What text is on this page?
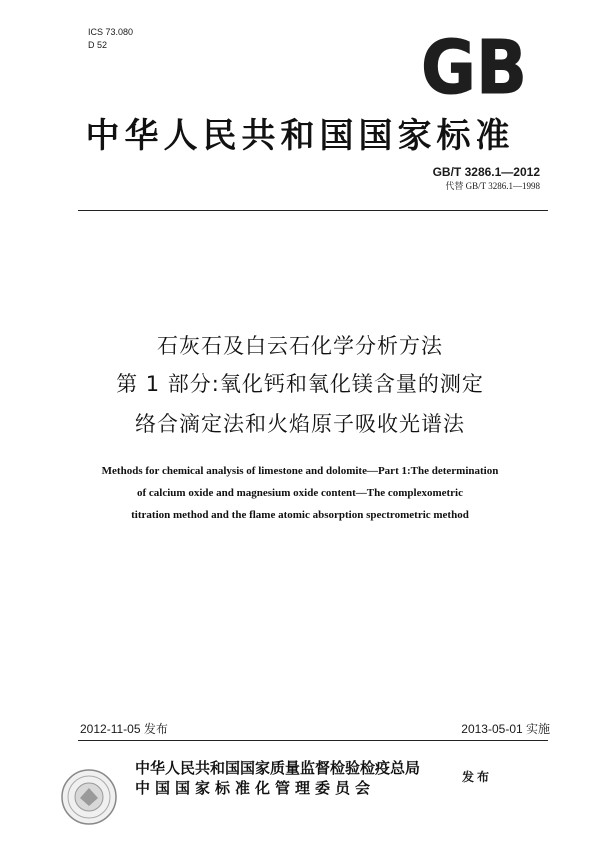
ICS 73.080
D 52	GB
中华人民共和国国家标准
GB/T 3286.1—2012
代替 GB/T 3286.1—1998
石灰石及白云石化学分析方法
第 1 部分:氧化钙和氧化镁含量的测定
络合滴定法和火焰原子吸收光谱法
Methods for chemical analysis of limestone and dolomite—Part 1:The determination
of calcium oxide and magnesium oxide content—The complexometric
titration method and the flame atomic absorption spectrometric method
2012-11-05 发布	2013-05-01 实施
中华人民共和国国家质量监督检验检疫总局
中国国家标准化管理委员会
发布
